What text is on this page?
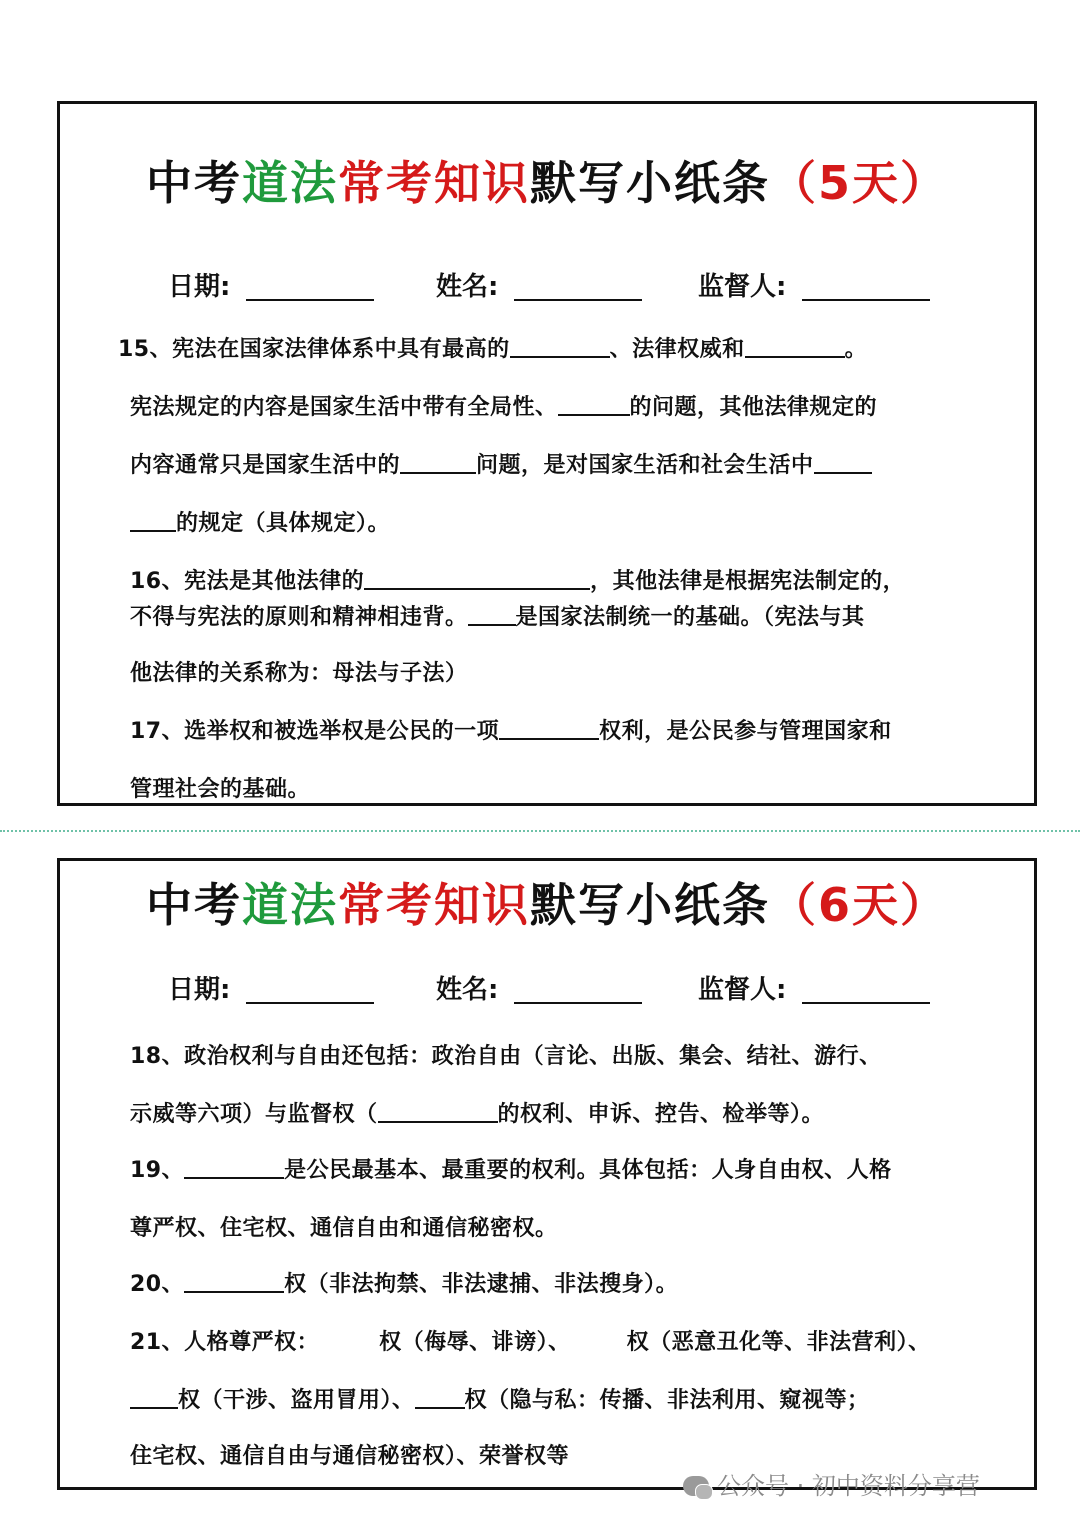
中考道法常考知识默写小纸条（5天）
日期:	姓名:	监督人:
15、宪法在国家法律体系中具有最高的	、法律权威和	。
宪法规定的内容是国家生活中带有全局性、	的问题，其他法律规定的
内容通常只是国家生活中的	问题，是对国家生活和社会生活中
的规定（具体规定）。
16、宪法是其他法律的	，其他法律是根据宪法制定的，
不得与宪法的原则和精神相违背。 是国家法制统一的基础。（宪法与其
他法律的关系称为：母法与子法）
17、选举权和被选举权是公民的一项	权利，是公民参与管理国家和
管理社会的基础。
中考道法常考知识默写小纸条（6天）
日期:	姓名:	监督人:
18、政治权利与自由还包括：政治自由（言论、出版、集会、结社、游行、
示威等六项）与监督权（	的权利、申诉、控告、检举等）。
19、	是公民最基本、最重要的权利。具体包括：人身自由权、人格
尊严权、住宅权、通信自由和通信秘密权。
20、	权（非法拘禁、非法逮捕、非法搜身）。
21、人格尊严权：	权（侮辱、诽谤）、	权（恶意丑化等、非法营利）、
权（干涉、盗用冒用）、 权（隐与私：传播、非法利用、窥视等；
住宅权、通信自由与通信秘密权）、荣誉权等
公众号 · 初中资料分享营
